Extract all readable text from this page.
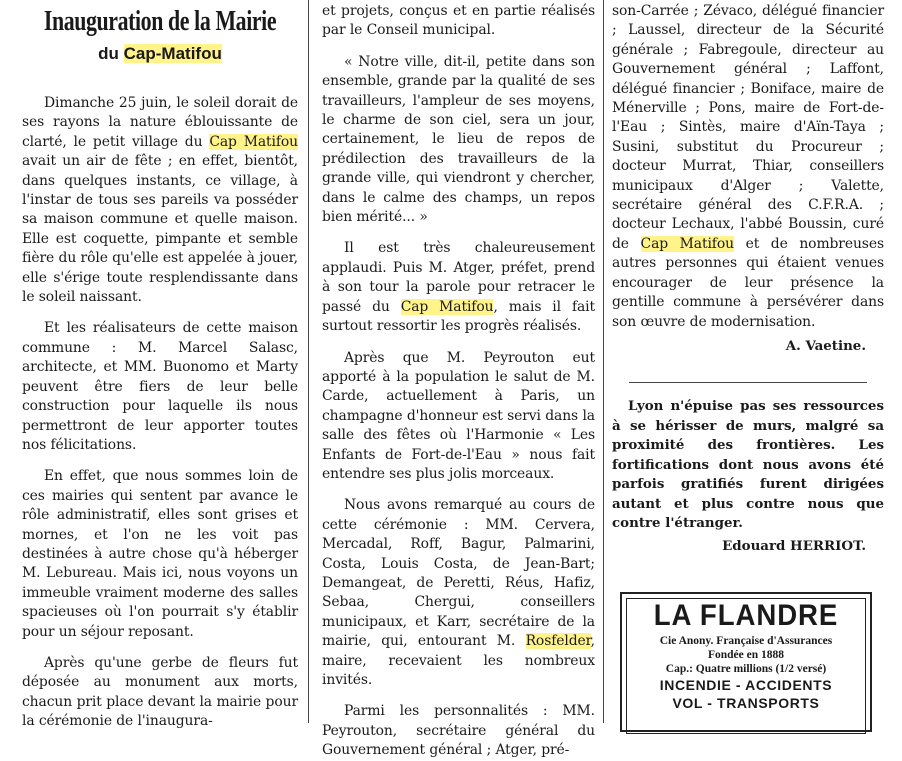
Inauguration de la Mairie
du Cap-Matifou

Dimanche 25 juin, le soleil dorait de ses rayons la nature éblouissante de clarté, le petit village du Cap Matifou avait un air de fête ; en effet, bientôt, dans quelques instants, ce village, à l'instar de tous ses pareils va posséder sa maison commune et quelle maison. Elle est coquette, pimpante et semble fière du rôle qu'elle est appelée à jouer, elle s'érige toute resplendissante dans le soleil naissant.

Et les réalisateurs de cette maison commune : M. Marcel Salasc, architecte, et MM. Buonomo et Marty peuvent être fiers de leur belle construction pour laquelle ils nous permettront de leur apporter toutes nos félicitations.

En effet, que nous sommes loin de ces mairies qui sentent par avance le rôle administratif, elles sont grises et mornes, et l'on ne les voit pas destinées à autre chose qu'à héberger M. Lebureau. Mais ici, nous voyons un immeuble vraiment moderne des salles spacieuses où l'on pourrait s'y établir pour un séjour reposant.

Après qu'une gerbe de fleurs fut déposée au monument aux morts, chacun prit place devant la mairie pour la cérémonie de l'inaugura-

et projets, conçus et en partie réalisés par le Conseil municipal.

« Notre ville, dit-il, petite dans son ensemble, grande par la qualité de ses travailleurs, l'ampleur de ses moyens, le charme de son ciel, sera un jour, certainement, le lieu de repos de prédilection des travailleurs de la grande ville, qui viendront y chercher, dans le calme des champs, un repos bien mérité... »

Il est très chaleureusement applaudi. Puis M. Atger, préfet, prend à son tour la parole pour retracer le passé du Cap Matifou, mais il fait surtout ressortir les progrès réalisés.

Après que M. Peyrouton eut apporté à la population le salut de M. Carde, actuellement à Paris, un champagne d'honneur est servi dans la salle des fêtes où l'Harmonie « Les Enfants de Fort-de-l'Eau » nous fait entendre ses plus jolis morceaux.

Nous avons remarqué au cours de cette cérémonie : MM. Cervera, Mercadal, Roff, Bagur, Palmarini, Costa, Louis Costa, de Jean-Bart; Demangeat, de Peretti, Réus, Hafiz, Sebaa, Chergui, conseillers municipaux, et Karr, secrétaire de la mairie, qui, entourant M. Rosfelder, maire, recevaient les nombreux invités.

Parmi les personnalités : MM. Peyrouton, secrétaire général du Gouvernement général ; Atger, pré-

son-Carrée ; Zévaco, délégué financier ; Laussel, directeur de la Sécurité générale ; Fabregoule, directeur au Gouvernement général ; Laffont, délégué financier ; Boniface, maire de Ménerville ; Pons, maire de Fort-de-l'Eau ; Sintès, maire d'Aïn-Taya ; Susini, substitut du Procureur ; docteur Murrat, Thiar, conseillers municipaux d'Alger ; Valette, secrétaire général des C.F.R.A. ; docteur Lechaux, l'abbé Boussin, curé de Cap Matifou et de nombreuses autres personnes qui étaient venues encourager de leur présence la gentille commune à persévérer dans son œuvre de modernisation.

A. Vaetine.

Lyon n'épuise pas ses ressources à se hérisser de murs, malgré sa proximité des frontières. Les fortifications dont nous avons été parfois gratifiés furent dirigées autant et plus contre nous que contre l'étranger.

Edouard HERRIOT.
LA FLANDRE
Cie Anony. Française d'Assurances
Fondée en 1888
Cap.: Quatre millions (1/2 versé)
INCENDIE - ACCIDENTS
VOL - TRANSPORTS
